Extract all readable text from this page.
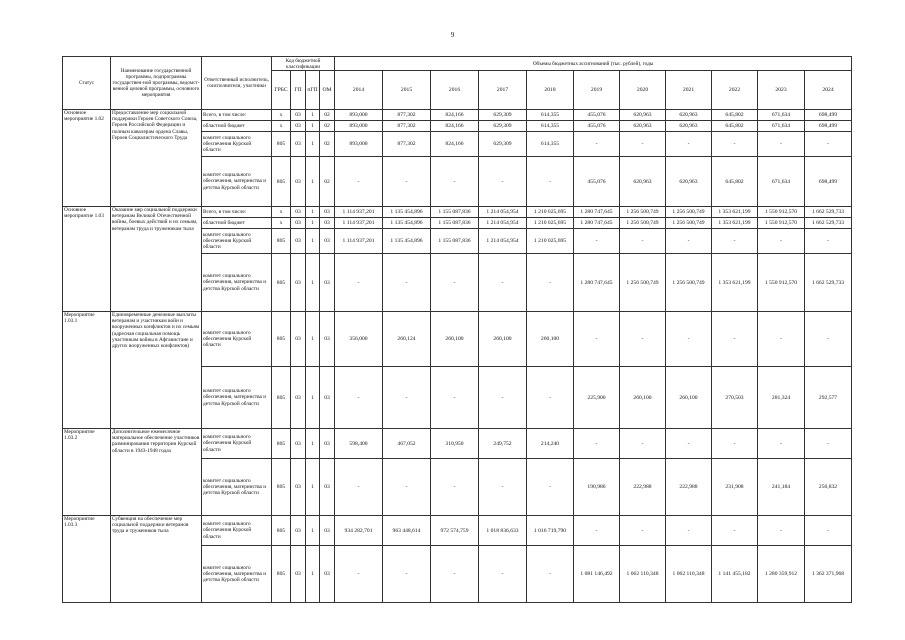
9
Статус	Наименование государственной программы, подпрограммы государствен-ной программы, ведомст-венной целевой программы, основного мероприятия	Ответственный исполнитель, соисполнители, участники	Код бюджетной классификации				Объемы бюджетных ассигнований (тыс. рублей), годы										
			ГРБС	ГП	пГП	ОМ	2014	2015	2016	2017	2018	2019	2020	2021	2022	2023	2024
Основное мероприятие 1.02	Предоставление мер социальной поддержки Героев Советского Союза, Героев Российской Федерации и полным кавалерам ордена Славы, Героев Социалистического Труда	Всего, в том числе:	х	03	1	02	893,000	877,302	824,166	629,309	614,355	455,076	620,963	620,963	645,802	671,634	698,499
		областной бюджет	х	03	1	02	893,000	877,302	824,166	629,309	614,355	455,076	620,963	620,963	645,802	671,634	698,499
		комитет социального обеспечения Курской области	805	03	1	02	893,000	877,302	824,166	629,309	614,355	-	-	-	-	-	-
		комитет социального обеспечения, материнства и детства Курской области	805	03	1	02	-	-	-	-	-	455,076	620,963	620,963	645,802	671,634	698,499
Основное мероприятие 1.03	Оказание мер социальной поддержки ветеранам Великой Отечественной войны, боевых действий и их семьям, ветеранам труда и труженикам тыла	Всего, в том числе:	х	03	1	03	1 114 937,201	1 135 454,896	1 155 087,836	1 214 054,954	1 210 025,695	1 280 747,645	1 256 500,749	1 256 500,749	1 353 621,199	1 550 912,570	1 662 529,733
		областной бюджет	х	03	1	03	1 114 937,201	1 135 454,896	1 155 087,836	1 214 054,954	1 210 025,695	1 280 747,645	1 256 500,749	1 256 500,749	1 353 621,199	1 550 912,570	1 662 529,733
		комитет социального обеспечения Курской области	805	03	1	03	1 114 937,201	1 135 454,896	1 155 087,836	1 214 054,954	1 210 025,695	-	-	-	-	-	-
		комитет социального обеспечения, материнства и детства Курской области	805	03	1	03	-	-	-	-	-	1 280 747,645	1 256 500,749	1 256 500,749	1 353 621,199	1 550 912,570	1 662 529,733
Мероприятие 1.03.1	Единовременные денежные выплаты ветеранам и участникам войн и вооруженных конфликтов и их семьям (адресная социальная помощь участникам войны в Афганистане и других вооруженных конфликтов)	комитет социального обеспечения Курской области	805	03	1	03	356,000	260,124	260,100	260,100	260,100	-	-	-	-	-	-
		комитет социального обеспечения, материнства и детства Курской области	805	03	1	03	-	-	-	-	-	225,900	260,100	260,100	270,503	281,324	292,577
Мероприятие 1.03.2	Дополнительное ежемесячное материальное обеспечение участников разминирования территории Курской области в 1943-1948 годах	комитет социального обеспечения Курской области	805	03	1	03	598,400	467,052	310,950	249,752	214,240	-	-	-	-	-	-
		комитет социального обеспечения, материнства и детства Курской области	805	03	1	03	-	-	-	-	-	190,986	222,988	222,988	231,908	241,184	250,832
Мероприятие 1.03.3	Субвенция на обеспечение мер социальной поддержки ветеранов труда и тружеников тыла	комитет социального обеспечения Курской области	805	03	1	03	934 282,701	963 448,614	972 574,759	1 018 836,633	1 016 719,790	-	-	-	-	-	-
		комитет социального обеспечения, материнства и детства Курской области	805	03	1	03	-	-	-	-	-	1 081 146,492	1 062 110,348	1 062 110,348	1 141 455,182	1 280 359,912	1 362 371,968
